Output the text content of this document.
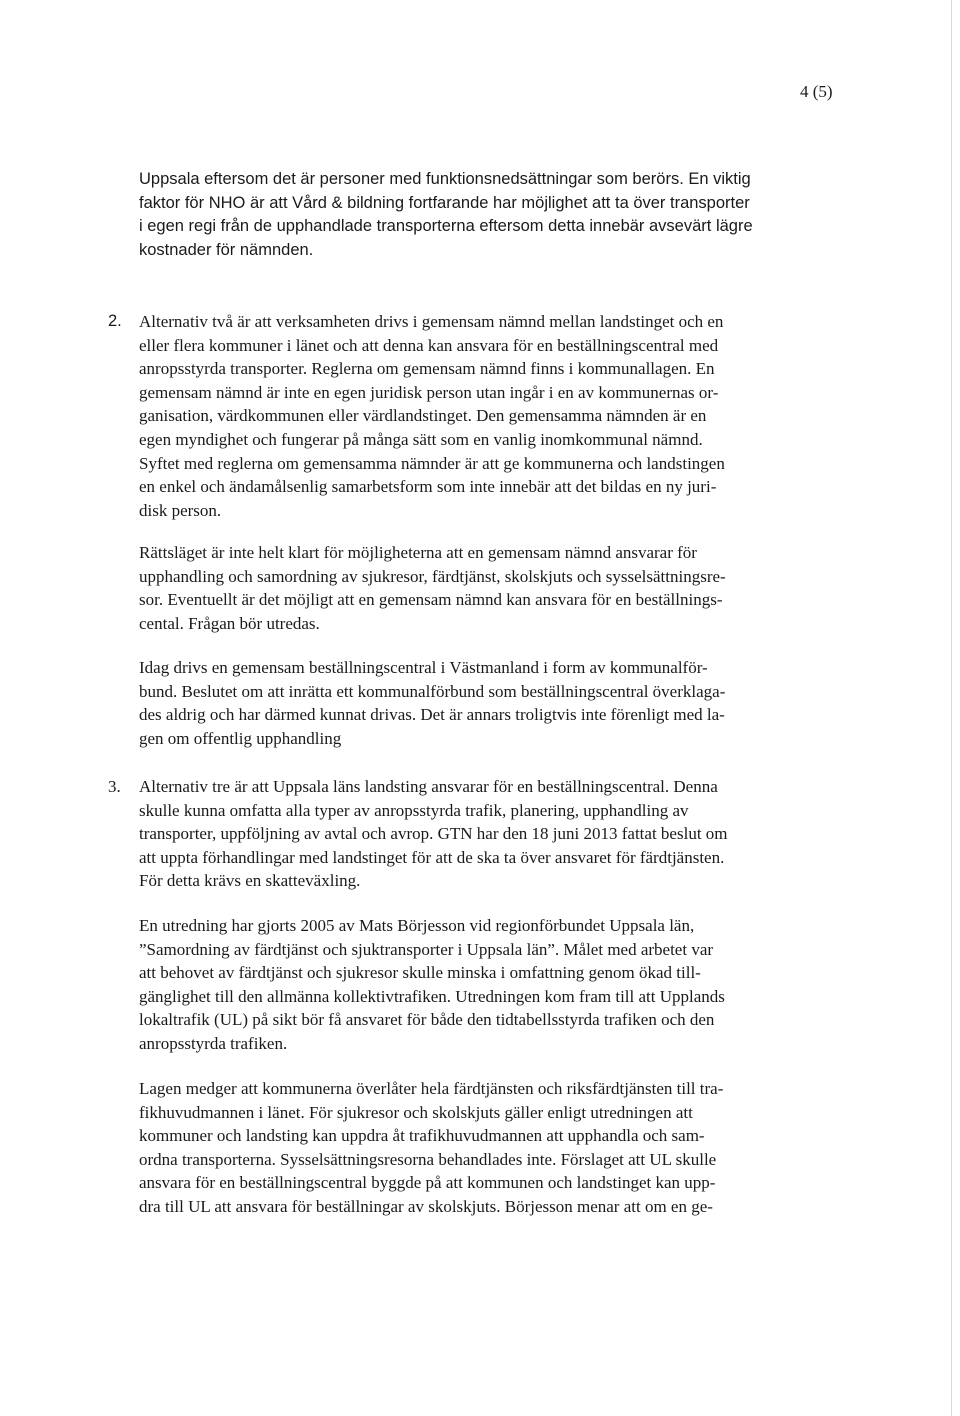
4 (5)
Uppsala eftersom det är personer med funktionsnedsättningar som berörs. En viktig
faktor för NHO är att Vård & bildning fortfarande har möjlighet att ta över transporter
i egen regi från de upphandlade transporterna eftersom detta innebär avsevärt lägre
kostnader för nämnden.
2. Alternativ två är att verksamheten drivs i gemensam nämnd mellan landstinget och en
eller flera kommuner i länet och att denna kan ansvara för en beställningscentral med
anropsstyrda transporter. Reglerna om gemensam nämnd finns i kommunallagen. En
gemensam nämnd är inte en egen juridisk person utan ingår i en av kommunernas or-
ganisation, värdkommunen eller värdlandstinget. Den gemensamma nämnden är en
egen myndighet och fungerar på många sätt som en vanlig inomkommunal nämnd.
Syftet med reglerna om gemensamma nämnder är att ge kommunerna och landstingen
en enkel och ändamålsenlig samarbetsform som inte innebär att det bildas en ny juri-
disk person.
Rättsläget är inte helt klart för möjligheterna att en gemensam nämnd ansvarar för
upphandling och samordning av sjukresor, färdtjänst, skolskjuts och sysselsättningsre-
sor. Eventuellt är det möjligt att en gemensam nämnd kan ansvara för en beställnings-
cental. Frågan bör utredas.
Idag drivs en gemensam beställningscentral i Västmanland i form av kommunalför-
bund. Beslutet om att inrätta ett kommunalförbund som beställningscentral överklaga-
des aldrig och har därmed kunnat drivas. Det är annars troligtvis inte förenligt med la-
gen om offentlig upphandling
3. Alternativ tre är att Uppsala läns landsting ansvarar för en beställningscentral. Denna
skulle kunna omfatta alla typer av anropsstyrda trafik, planering, upphandling av
transporter, uppföljning av avtal och avrop. GTN har den 18 juni 2013 fattat beslut om
att uppta förhandlingar med landstinget för att de ska ta över ansvaret för färdtjänsten.
För detta krävs en skatteväxling.
En utredning har gjorts 2005 av Mats Börjesson vid regionförbundet Uppsala län,
”Samordning av färdtjänst och sjuktransporter i Uppsala län”. Målet med arbetet var
att behovet av färdtjänst och sjukresor skulle minska i omfattning genom ökad till-
gänglighet till den allmänna kollektivtrafiken. Utredningen kom fram till att Upplands
lokaltrafik (UL) på sikt bör få ansvaret för både den tidtabellsstyrda trafiken och den
anropsstyrda trafiken.
Lagen medger att kommunerna överlåter hela färdtjänsten och riksfärdtjänsten till tra-
fikhuvudmannen i länet. För sjukresor och skolskjuts gäller enligt utredningen att
kommuner och landsting kan uppdra åt trafikhuvudmannen att upphandla och sam-
ordna transporterna. Sysselsättningsresorna behandlades inte. Förslaget att UL skulle
ansvara för en beställningscentral byggde på att kommunen och landstinget kan upp-
dra till UL att ansvara för beställningar av skolskjuts. Börjesson menar att om en ge-
